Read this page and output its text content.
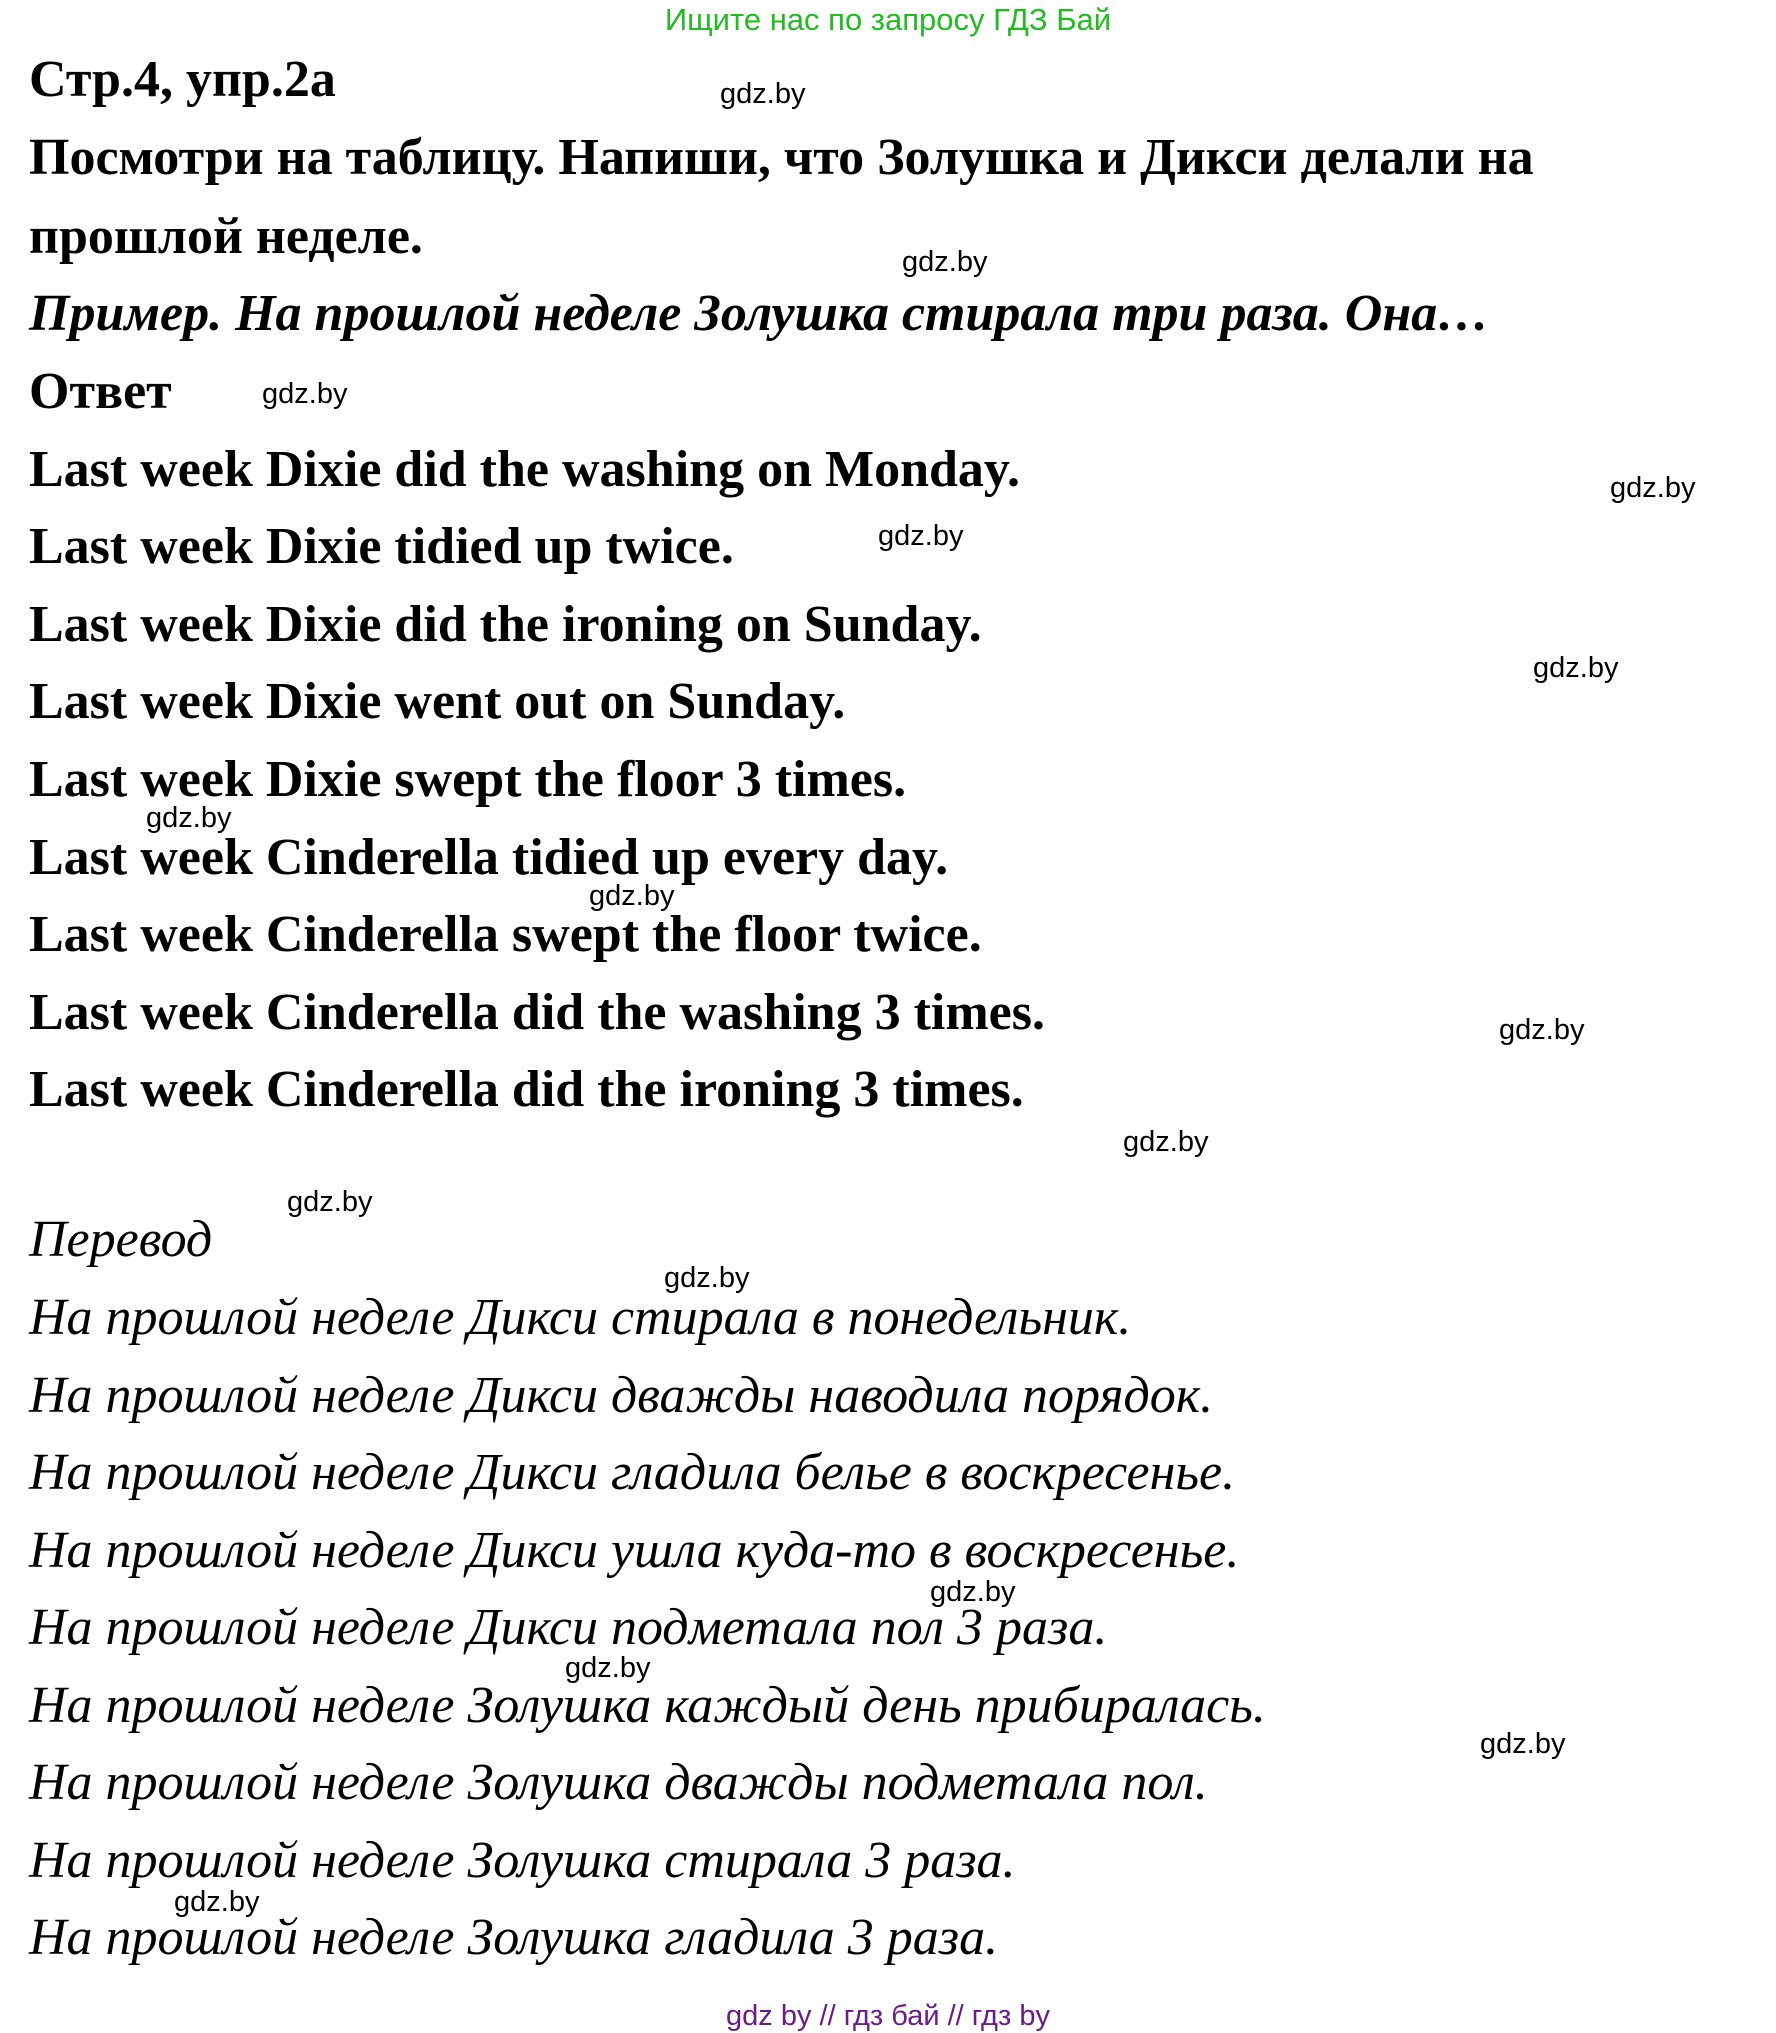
Ищите нас по запросу ГДЗ Бай
Стр.4, упр.2а
Посмотри на таблицу. Напиши, что Золушка и Дикси делали на
прошлой неделе.
Пример. На прошлой неделе Золушка стирала три раза. Она…
Ответ
Last week Dixie did the washing on Monday.
Last week Dixie tidied up twice.
Last week Dixie did the ironing on Sunday.
Last week Dixie went out on Sunday.
Last week Dixie swept the floor 3 times.
Last week Cinderella tidied up every day.
Last week Cinderella swept the floor twice.
Last week Cinderella did the washing 3 times.
Last week Cinderella did the ironing 3 times.
Перевод
На прошлой неделе Дикси стирала в понедельник.
На прошлой неделе Дикси дважды наводила порядок.
На прошлой неделе Дикси гладила белье в воскресенье.
На прошлой неделе Дикси ушла куда-то в воскресенье.
На прошлой неделе Дикси подметала пол 3 раза.
На прошлой неделе Золушка каждый день прибиралась.
На прошлой неделе Золушка дважды подметала пол.
На прошлой неделе Золушка стирала 3 раза.
На прошлой неделе Золушка гладила 3 раза.
gdz.by
gdz.by
gdz.by
gdz.by
gdz.by
gdz.by
gdz.by
gdz.by
gdz.by
gdz.by
gdz.by
gdz.by
gdz.by
gdz.by
gdz.by
gdz.by
gdz by // гдз бай // гдз by
